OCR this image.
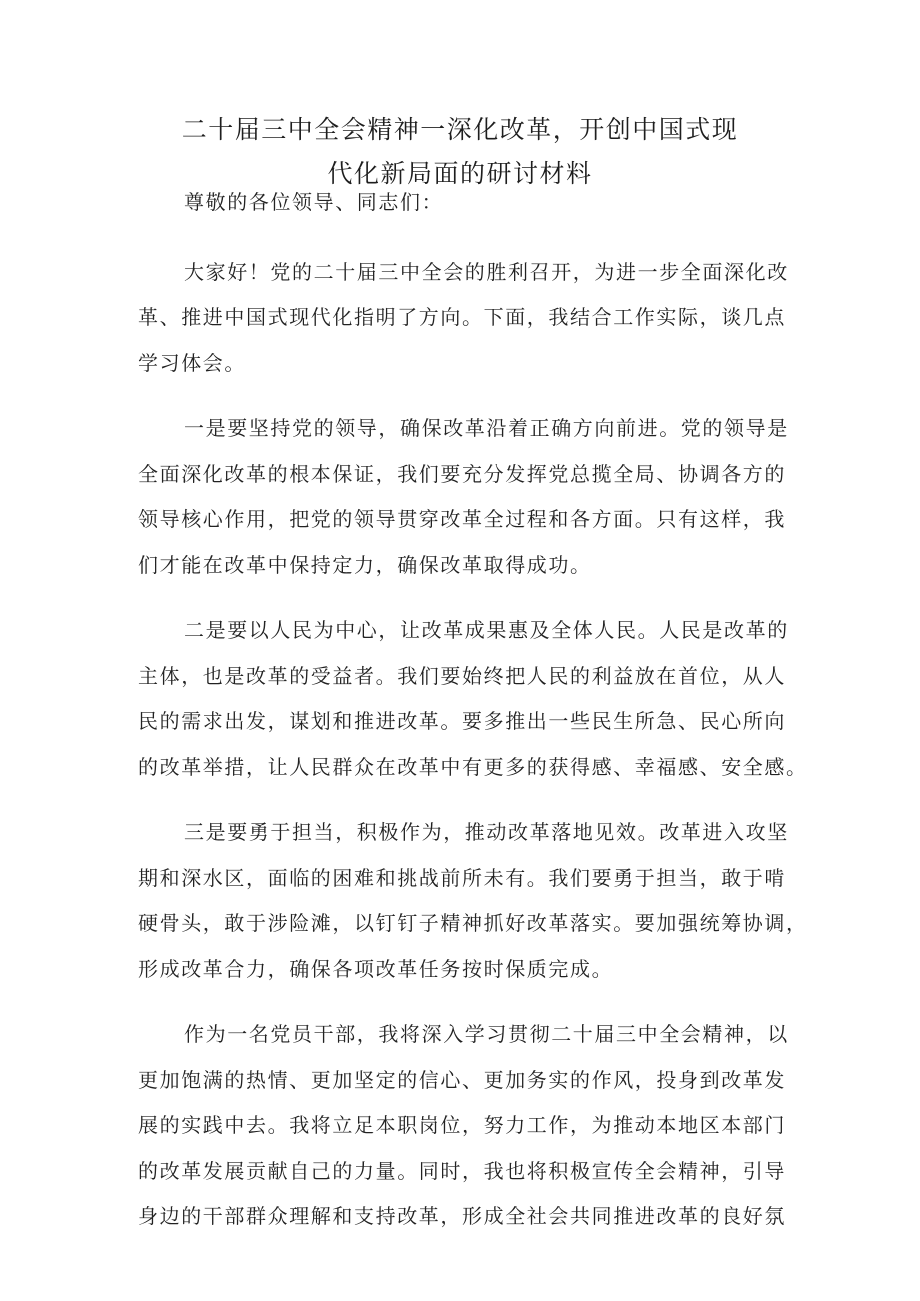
二十届三中全会精神一深化改革，开创中国式现
代化新局面的研讨材料

尊敬的各位领导、同志们：

大家好！党的二十届三中全会的胜利召开，为进一步全面深化改
革、推进中国式现代化指明了方向。下面，我结合工作实际，谈几点
学习体会。

一是要坚持党的领导，确保改革沿着正确方向前进。党的领导是
全面深化改革的根本保证，我们要充分发挥党总揽全局、协调各方的
领导核心作用，把党的领导贯穿改革全过程和各方面。只有这样，我
们才能在改革中保持定力，确保改革取得成功。

二是要以人民为中心，让改革成果惠及全体人民。人民是改革的
主体，也是改革的受益者。我们要始终把人民的利益放在首位，从人
民的需求出发，谋划和推进改革。要多推出一些民生所急、民心所向
的改革举措，让人民群众在改革中有更多的获得感、幸福感、安全感。

三是要勇于担当，积极作为，推动改革落地见效。改革进入攻坚
期和深水区，面临的困难和挑战前所未有。我们要勇于担当，敢于啃
硬骨头，敢于涉险滩，以钉钉子精神抓好改革落实。要加强统筹协调，
形成改革合力，确保各项改革任务按时保质完成。

作为一名党员干部，我将深入学习贯彻二十届三中全会精神，以
更加饱满的热情、更加坚定的信心、更加务实的作风，投身到改革发
展的实践中去。我将立足本职岗位，努力工作，为推动本地区本部门
的改革发展贡献自己的力量。同时，我也将积极宣传全会精神，引导
身边的干部群众理解和支持改革，形成全社会共同推进改革的良好氛
